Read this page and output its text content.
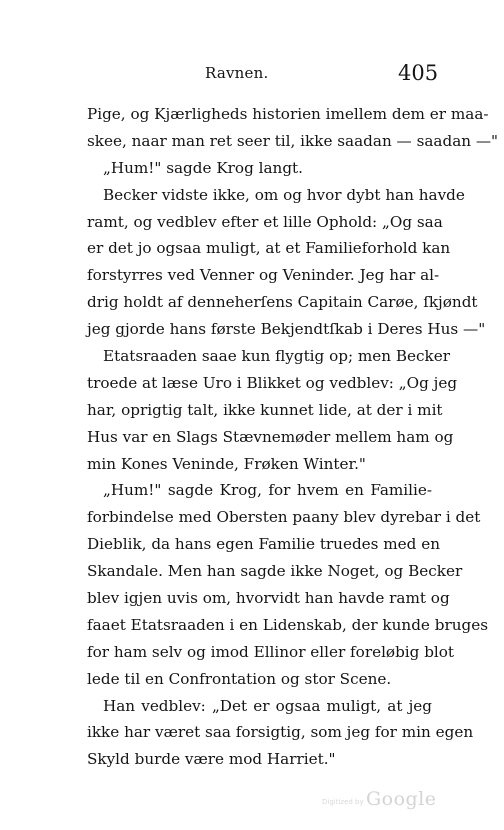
Ravnen.	405
Pige, og Kjærligheds historien imellem dem er maa-
skee, naar man ret seer til, ikke saadan — saadan —"
„Hum!" sagde Krog langt.
Becker vidste ikke, om og hvor dybt han havde
ramt, og vedblev efter et lille Ophold: „Og saa
er det jo ogsaa muligt, at et Familieforhold kan
forstyrres ved Venner og Veninder. Jeg har al-
drig holdt af denneherſens Capitain Carøe, ſkjøndt
jeg gjorde hans første Bekjendtſkab i Deres Hus —"
Etatsraaden saae kun flygtig op; men Becker
troede at læse Uro i Blikket og vedblev: „Og jeg
har, oprigtig talt, ikke kunnet lide, at der i mit
Hus var en Slags Stævnemøder mellem ham og
min Kones Veninde, Frøken Winter."
„Hum!" sagde Krog, for hvem en Familie-
forbindelse med Obersten paany blev dyrebar i det
Dieblik, da hans egen Familie truedes med en
Skandale. Men han sagde ikke Noget, og Becker
blev igjen uvis om, hvorvidt han havde ramt og
faaet Etatsraaden i en Lidenskab, der kunde bruges
for ham selv og imod Ellinor eller foreløbig blot
lede til en Confrontation og stor Scene.
Han vedblev: „Det er ogsaa muligt, at jeg
ikke har været saa forsigtig, som jeg for min egen
Skyld burde være mod Harriet."
Digitized by Google
